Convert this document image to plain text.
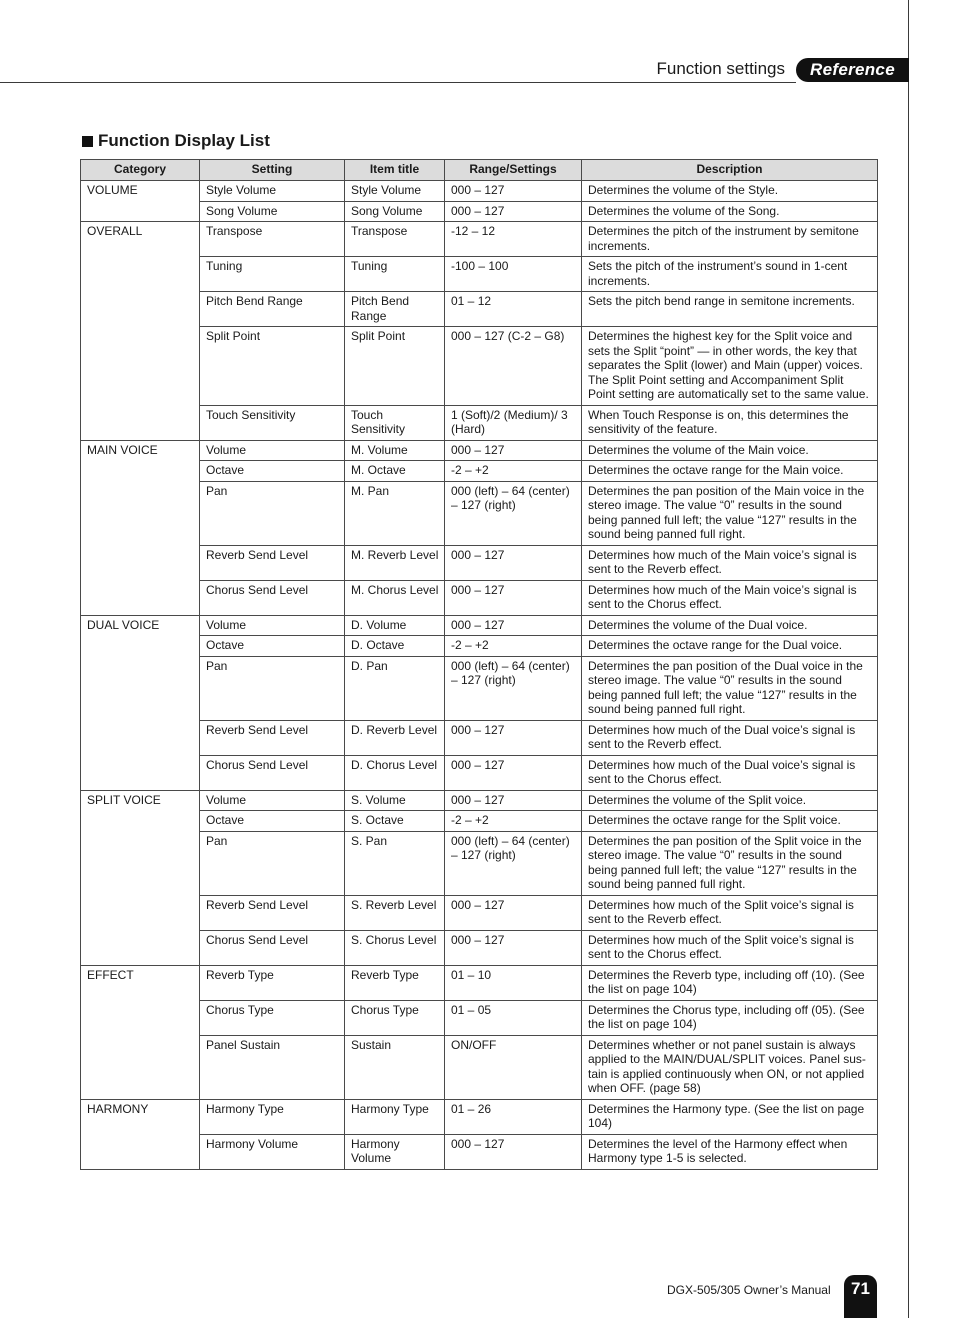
Function settings	Reference
Function Display List
Category	Setting	Item title	Range/Settings	Description
VOLUME	Style Volume	Style Volume	000 – 127	Determines the volume of the Style.
	Song Volume	Song Volume	000 – 127	Determines the volume of the Song.
OVERALL	Transpose	Transpose	-12 – 12	Determines the pitch of the instrument by semitone increments.
	Tuning	Tuning	-100 – 100	Sets the pitch of the instrument’s sound in 1-cent increments.
	Pitch Bend Range	Pitch Bend Range	01 – 12	Sets the pitch bend range in semitone increments.
	Split Point	Split Point	000 – 127 (C-2 – G8)	Determines the highest key for the Split voice and sets the Split “point” — in other words, the key that separates the Split (lower) and Main (upper) voices. The Split Point setting and Accompaniment Split Point setting are automatically set to the same value.
	Touch Sensitivity	Touch Sensitivity	1 (Soft)/2 (Medium)/ 3 (Hard)	When Touch Response is on, this determines the sensitivity of the feature.
MAIN VOICE	Volume	M. Volume	000 – 127	Determines the volume of the Main voice.
	Octave	M. Octave	-2 – +2	Determines the octave range for the Main voice.
	Pan	M. Pan	000 (left) – 64 (center) – 127 (right)	Determines the pan position of the Main voice in the stereo image. The value “0” results in the sound being panned full left; the value “127” results in the sound being panned full right.
	Reverb Send Level	M. Reverb Level	000 – 127	Determines how much of the Main voice’s signal is sent to the Reverb effect.
	Chorus Send Level	M. Chorus Level	000 – 127	Determines how much of the Main voice’s signal is sent to the Chorus effect.
DUAL VOICE	Volume	D. Volume	000 – 127	Determines the volume of the Dual voice.
	Octave	D. Octave	-2 – +2	Determines the octave range for the Dual voice.
	Pan	D. Pan	000 (left) – 64 (center) – 127 (right)	Determines the pan position of the Dual voice in the stereo image. The value “0” results in the sound being panned full left; the value “127” results in the sound being panned full right.
	Reverb Send Level	D. Reverb Level	000 – 127	Determines how much of the Dual voice’s signal is sent to the Reverb effect.
	Chorus Send Level	D. Chorus Level	000 – 127	Determines how much of the Dual voice’s signal is sent to the Chorus effect.
SPLIT VOICE	Volume	S. Volume	000 – 127	Determines the volume of the Split voice.
	Octave	S. Octave	-2 – +2	Determines the octave range for the Split voice.
	Pan	S. Pan	000 (left) – 64 (center) – 127 (right)	Determines the pan position of the Split voice in the stereo image. The value “0” results in the sound being panned full left; the value “127” results in the sound being panned full right.
	Reverb Send Level	S. Reverb Level	000 – 127	Determines how much of the Split voice’s signal is sent to the Reverb effect.
	Chorus Send Level	S. Chorus Level	000 – 127	Determines how much of the Split voice’s signal is sent to the Chorus effect.
EFFECT	Reverb Type	Reverb Type	01 – 10	Determines the Reverb type, including off (10). (See the list on page 104)
	Chorus Type	Chorus Type	01 – 05	Determines the Chorus type, including off (05). (See the list on page 104)
	Panel Sustain	Sustain	ON/OFF	Determines whether or not panel sustain is always applied to the MAIN/DUAL/SPLIT voices. Panel sus-tain is applied continuously when ON, or not applied when OFF. (page 58)
HARMONY	Harmony Type	Harmony Type	01 – 26	Determines the Harmony type. (See the list on page 104)
	Harmony Volume	Harmony Volume	000 – 127	Determines the level of the Harmony effect when Harmony type 1-5 is selected.
DGX-505/305 Owner’s Manual	71
